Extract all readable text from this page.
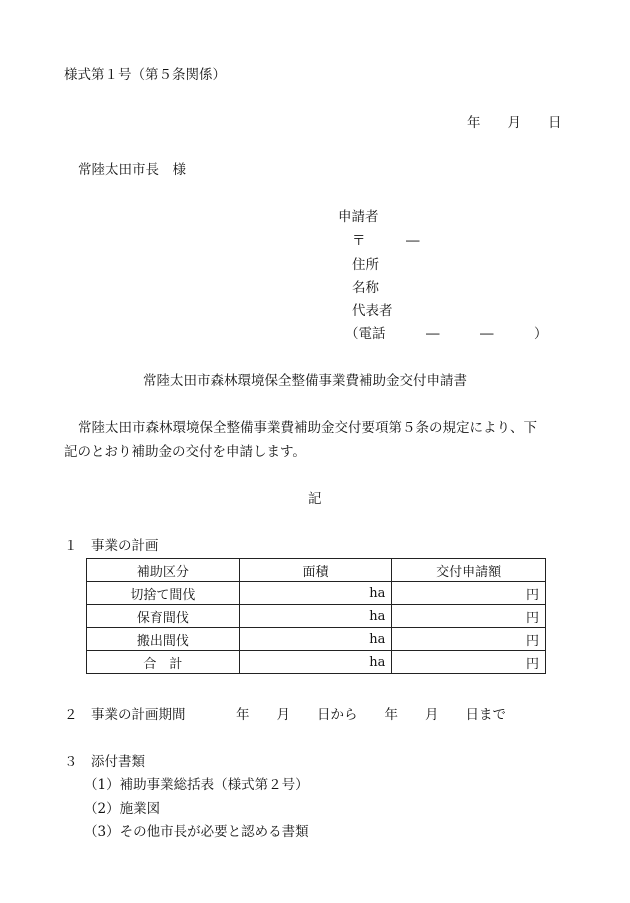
様式第１号（第５条関係）
年　　月　　日
常陸太田市長　様
申請者
〒　　　―
住所
名称
代表者
（電話　　　―　　　―　　　）
常陸太田市森林環境保全整備事業費補助金交付申請書
常陸太田市森林環境保全整備事業費補助金交付要項第５条の規定により、下
記のとおり補助金の交付を申請します。
記
１　事業の計画
補助区分	面積	交付申請額
切捨て間伐	ha	円
保育間伐	ha	円
搬出間伐	ha	円
合　計	ha	円
２　事業の計画期間	年　　月　　日から　　年　　月　　日まで
３　添付書類
（1）補助事業総括表（様式第２号）
（2）施業図
（3）その他市長が必要と認める書類
